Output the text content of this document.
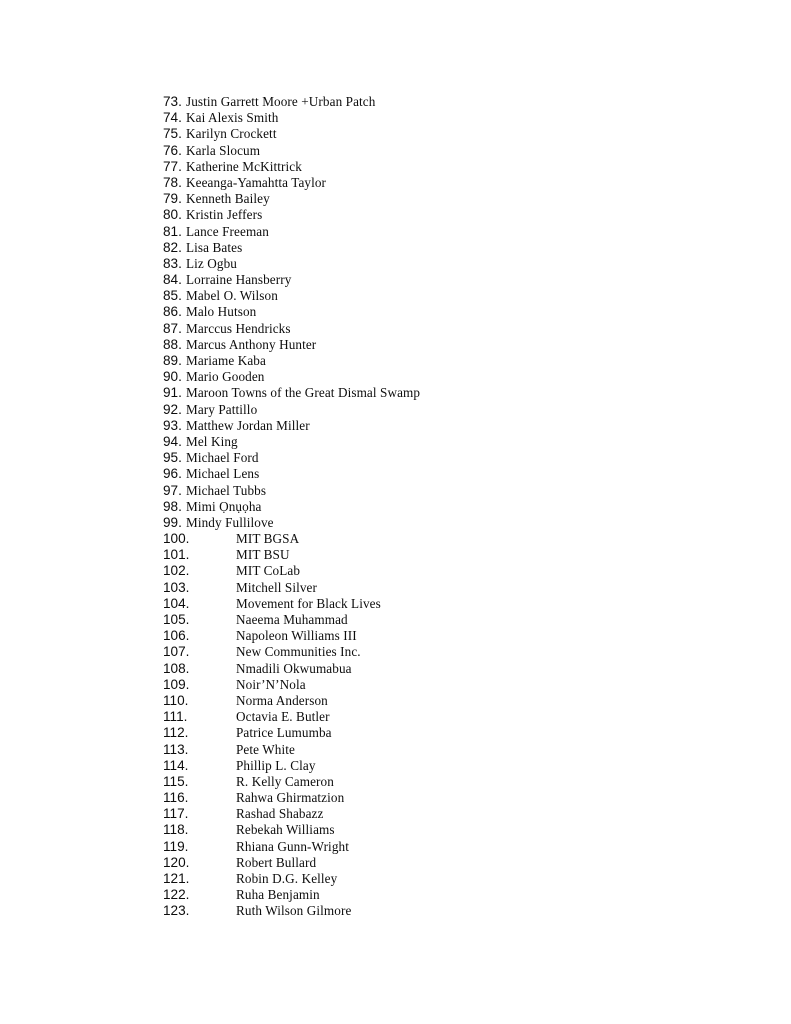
73. Justin Garrett Moore +Urban Patch
74. Kai Alexis Smith
75. Karilyn Crockett
76. Karla Slocum
77. Katherine McKittrick
78. Keeanga-Yamahtta Taylor
79. Kenneth Bailey
80. Kristin Jeffers
81. Lance Freeman
82. Lisa Bates
83. Liz Ogbu
84. Lorraine Hansberry
85. Mabel O. Wilson
86. Malo Hutson
87. Marccus Hendricks
88. Marcus Anthony Hunter
89. Mariame Kaba
90. Mario Gooden
91. Maroon Towns of the Great Dismal Swamp
92. Mary Pattillo
93. Matthew Jordan Miller
94. Mel King
95. Michael Ford
96. Michael Lens
97. Michael Tubbs
98. Mimi Ọnụọha
99. Mindy Fullilove
100.	MIT BGSA
101.	MIT BSU
102.	MIT CoLab
103.	Mitchell Silver
104.	Movement for Black Lives
105.	Naeema Muhammad
106.	Napoleon Williams III
107.	New Communities Inc.
108.	Nmadili Okwumabua
109.	Noir’N’Nola
110.	Norma Anderson
111.	Octavia E. Butler
112.	Patrice Lumumba
113.	Pete White
114.	Phillip L. Clay
115.	R. Kelly Cameron
116.	Rahwa Ghirmatzion
117.	Rashad Shabazz
118.	Rebekah Williams
119.	Rhiana Gunn-Wright
120.	Robert Bullard
121.	Robin D.G. Kelley
122.	Ruha Benjamin
123.	Ruth Wilson Gilmore
